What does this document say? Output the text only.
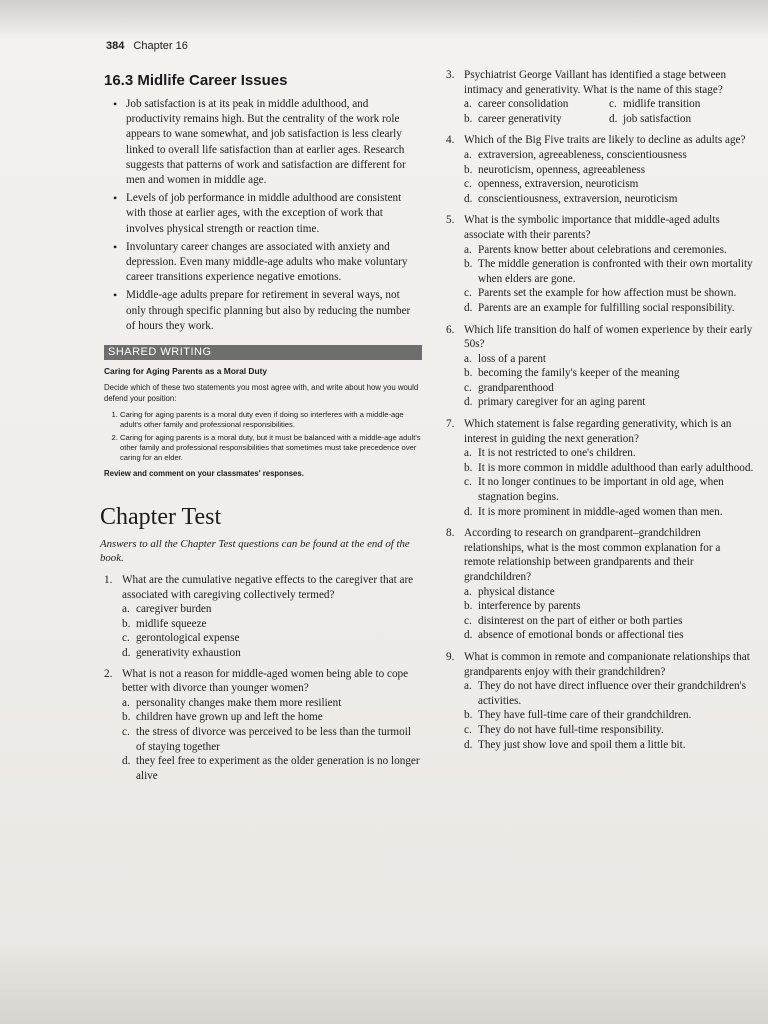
384 Chapter 16
16.3 Midlife Career Issues
• Job satisfaction is at its peak in middle adulthood, and productivity remains high. But the centrality of the work role appears to wane somewhat, and job satisfaction is less clearly linked to overall life satisfaction than at earlier ages. Research suggests that patterns of work and satisfaction are different for men and women in middle age.
• Levels of job performance in middle adulthood are consistent with those at earlier ages, with the exception of work that involves physical strength or reaction time.
• Involuntary career changes are associated with anxiety and depression. Even many middle-age adults who make voluntary career transitions experience negative emotions.
• Middle-age adults prepare for retirement in several ways, not only through specific planning but also by reducing the number of hours they work.
SHARED WRITING

Caring for Aging Parents as a Moral Duty

Decide which of these two statements you most agree with, and write about how you would defend your position:

1. Caring for aging parents is a moral duty even if doing so interferes with a middle-age adult's other family and professional responsibilities.
2. Caring for aging parents is a moral duty, but it must be balanced with a middle-age adult's other family and professional responsibilities that sometimes must take precedence over caring for an elder.

Review and comment on your classmates' responses.

Chapter Test

Answers to all the Chapter Test questions can be found at the end of the book.

1. What are the cumulative negative effects to the caregiver that are associated with caregiving collectively termed?
a. caregiver burden
b. midlife squeeze
c. gerontological expense
d. generativity exhaustion
2. What is not a reason for middle-aged women being able to cope better with divorce than younger women?
a. personality changes make them more resilient
b. children have grown up and left the home
c. the stress of divorce was perceived to be less than the turmoil of staying together
d. they feel free to experiment as the older generation is no longer alive
3. Psychiatrist George Vaillant has identified a stage between intimacy and generativity. What is the name of this stage?
a. career consolidation	c. midlife transition
b. career generativity	d. job satisfaction
4. Which of the Big Five traits are likely to decline as adults age?
a. extraversion, agreeableness, conscientiousness
b. neuroticism, openness, agreeableness
c. openness, extraversion, neuroticism
d. conscientiousness, extraversion, neuroticism
5. What is the symbolic importance that middle-aged adults associate with their parents?
a. Parents know better about celebrations and ceremonies.
b. The middle generation is confronted with their own mortality when elders are gone.
c. Parents set the example for how affection must be shown.
d. Parents are an example for fulfilling social responsibility.
6. Which life transition do half of women experience by their early 50s?
a. loss of a parent
b. becoming the family's keeper of the meaning
c. grandparenthood
d. primary caregiver for an aging parent
7. Which statement is false regarding generativity, which is an interest in guiding the next generation?
a. It is not restricted to one's children.
b. It is more common in middle adulthood than early adulthood.
c. It no longer continues to be important in old age, when stagnation begins.
d. It is more prominent in middle-aged women than men.
8. According to research on grandparent–grandchildren relationships, what is the most common explanation for a remote relationship between grandparents and their grandchildren?
a. physical distance
b. interference by parents
c. disinterest on the part of either or both parties
d. absence of emotional bonds or affectional ties
9. What is common in remote and companionate relationships that grandparents enjoy with their grandchildren?
a. They do not have direct influence over their grandchildren's activities.
b. They have full-time care of their grandchildren.
c. They do not have full-time responsibility.
d. They just show love and spoil them a little bit.
